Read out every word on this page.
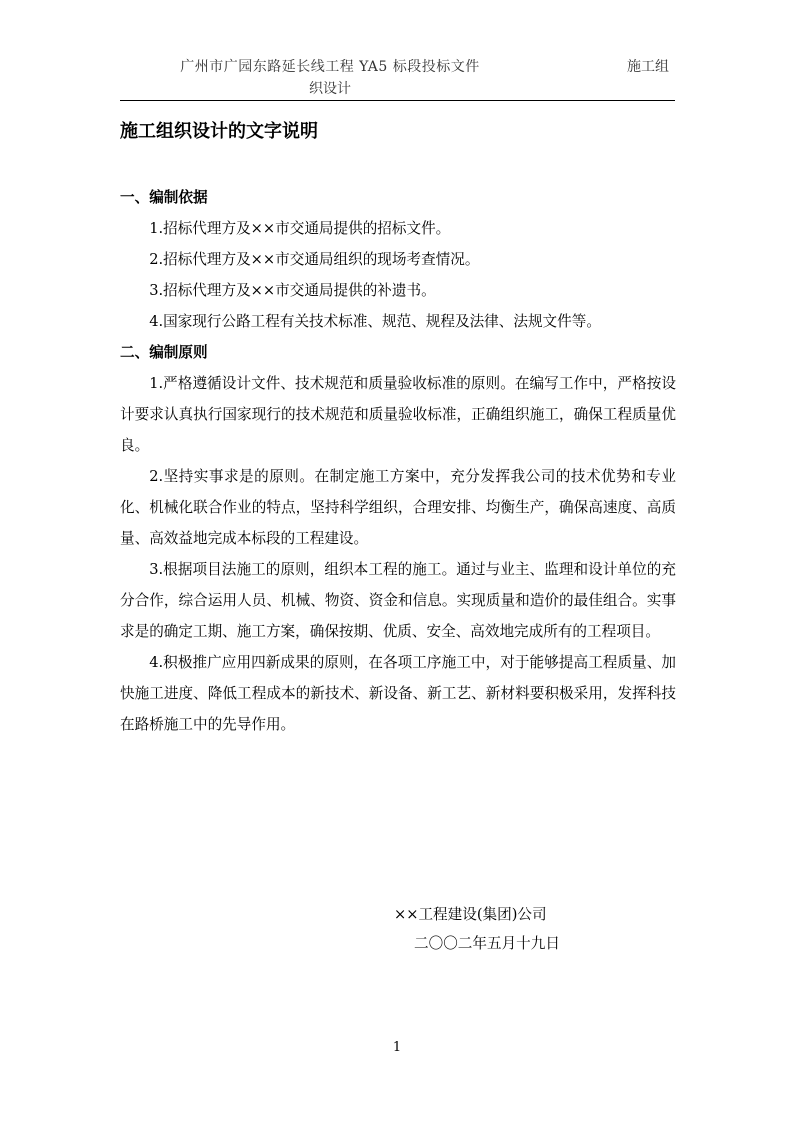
广州市广园东路延长线工程 YA5 标段投标文件
织设计
施工组
施工组织设计的文字说明

一、编制依据

1.招标代理方及××市交通局提供的招标文件。

2.招标代理方及××市交通局组织的现场考查情况。

3.招标代理方及××市交通局提供的补遗书。

4.国家现行公路工程有关技术标准、规范、规程及法律、法规文件等。

二、编制原则

1.严格遵循设计文件、技术规范和质量验收标准的原则。在编写工作中，严格按设计要求认真执行国家现行的技术规范和质量验收标准，正确组织施工，确保工程质量优良。

2.坚持实事求是的原则。在制定施工方案中，充分发挥我公司的技术优势和专业化、机械化联合作业的特点，坚持科学组织，合理安排、均衡生产，确保高速度、高质量、高效益地完成本标段的工程建设。

3.根据项目法施工的原则，组织本工程的施工。通过与业主、监理和设计单位的充分合作，综合运用人员、机械、物资、资金和信息。实现质量和造价的最佳组合。实事求是的确定工期、施工方案，确保按期、优质、安全、高效地完成所有的工程项目。

4.积极推广应用四新成果的原则，在各项工序施工中，对于能够提高工程质量、加快施工进度、降低工程成本的新技术、新设备、新工艺、新材料要积极采用，发挥科技在路桥施工中的先导作用。

××工程建设(集团)公司
二〇〇二年五月十九日
1
